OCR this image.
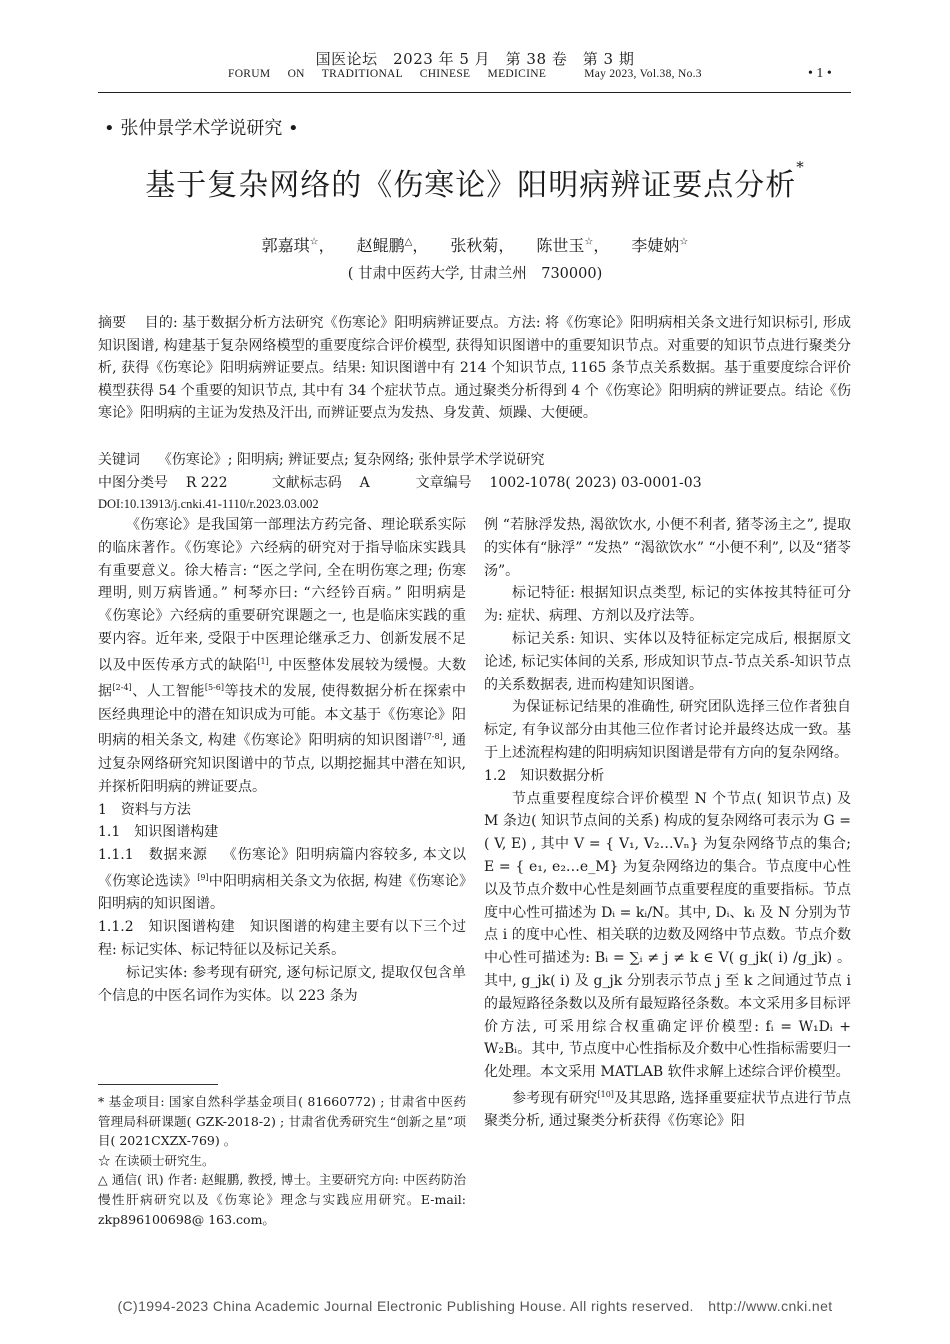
国医论坛　2023 年 5 月　第 38 卷　第 3 期
FORUM ON TRADITIONAL CHINESE MEDICINE	May 2023, Vol.38, No.3	• 1 •
• 张仲景学术学说研究 •
基于复杂网络的《伤寒论》阳明病辨证要点分析*
郭嘉琪☆， 赵鲲鹏△， 张秋菊， 陈世玉☆， 李婕妠☆
( 甘肃中医药大学, 甘肃兰州　730000)
摘要 目的: 基于数据分析方法研究《伤寒论》阳明病辨证要点。方法: 将《伤寒论》阳明病相关条文进行知识标引, 形成知识图谱, 构建基于复杂网络模型的重要度综合评价模型, 获得知识图谱中的重要知识节点。对重要的知识节点进行聚类分析, 获得《伤寒论》阳明病辨证要点。结果: 知识图谱中有 214 个知识节点, 1165 条节点关系数据。基于重要度综合评价模型获得 54 个重要的知识节点, 其中有 34 个症状节点。通过聚类分析得到 4 个《伤寒论》阳明病的辨证要点。结论《伤寒论》阳明病的主证为发热及汗出, 而辨证要点为发热、身发黄、烦躁、大便硬。
关键词 《伤寒论》; 阳明病; 辨证要点; 复杂网络; 张仲景学术学说研究
中图分类号 R 222	文献标志码 A	文章编号 1002-1078( 2023) 03-0001-03
DOI:10.13913/j.cnki.41-1110/r.2023.03.002

《伤寒论》是我国第一部理法方药完备、理论联系实际的临床著作。《伤寒论》六经病的研究对于指导临床实践具有重要意义。徐大椿言: “医之学问, 全在明伤寒之理; 伤寒理明, 则万病皆通。” 柯琴亦曰: “六经钤百病。” 阳明病是《伤寒论》六经病的重要研究课题之一, 也是临床实践的重要内容。近年来, 受限于中医理论继承乏力、创新发展不足以及中医传承方式的缺陷[1], 中医整体发展较为缓慢。大数据[2-4]、人工智能[5-6]等技术的发展, 使得数据分析在探索中医经典理论中的潜在知识成为可能。本文基于《伤寒论》阳明病的相关条文, 构建《伤寒论》阳明病的知识图谱[7-8], 通过复杂网络研究知识图谱中的节点, 以期挖掘其中潜在知识, 并探析阳明病的辨证要点。

1　资料与方法

1.1　知识图谱构建

1.1.1　数据来源 《伤寒论》阳明病篇内容较多, 本文以《伤寒论选读》[9]中阳明病相关条文为依据, 构建《伤寒论》阳明病的知识图谱。

1.1.2　知识图谱构建 知识图谱的构建主要有以下三个过程: 标记实体、标记特征以及标记关系。

标记实体: 参考现有研究, 逐句标记原文, 提取仅包含单个信息的中医名词作为实体。以 223 条为

* 基金项目: 国家自然科学基金项目( 81660772) ; 甘肃省中医药管理局科研课题( GZK-2018-2) ; 甘肃省优秀研究生“创新之星”项目( 2021CXZX-769) 。

☆ 在读硕士研究生。

△ 通信( 讯) 作者: 赵鲲鹏, 教授, 博士。主要研究方向: 中医药防治慢性肝病研究以及《伤寒论》理念与实践应用研究。E-mail: zkp896100698@ 163.com。

例 “若脉浮发热, 渴欲饮水, 小便不利者, 猪苓汤主之”, 提取的实体有“脉浮” “发热” “渴欲饮水” “小便不利”, 以及“猪苓汤”。

标记特征: 根据知识点类型, 标记的实体按其特征可分为: 症状、病理、方剂以及疗法等。

标记关系: 知识、实体以及特征标定完成后, 根据原文论述, 标记实体间的关系, 形成知识节点-节点关系-知识节点的关系数据表, 进而构建知识图谱。

为保证标记结果的准确性, 研究团队选择三位作者独自标定, 有争议部分由其他三位作者讨论并最终达成一致。基于上述流程构建的阳明病知识图谱是带有方向的复杂网络。

1.2　知识数据分析

节点重要程度综合评价模型 N 个节点( 知识节点) 及 M 条边( 知识节点间的关系) 构成的复杂网络可表示为 G = ( V, E) , 其中 V = { V₁, V₂…Vₙ} 为复杂网络节点的集合; E = { e₁, e₂…e_M} 为复杂网络边的集合。节点度中心性以及节点介数中心性是刻画节点重要程度的重要指标。节点度中心性可描述为 Dᵢ = kᵢ/N。其中, Dᵢ、kᵢ 及 N 分别为节点 i 的度中心性、相关联的边数及网络中节点数。节点介数中心性可描述为: Bᵢ = ∑ᵢ ≠ j ≠ k ∈ V( g_jk( i) /g_jk) 。其中, g_jk( i) 及 g_jk 分别表示节点 j 至 k 之间通过节点 i 的最短路径条数以及所有最短路径条数。本文采用多目标评价方法, 可采用综合权重确定评价模型: fᵢ = W₁Dᵢ + W₂Bᵢ。其中, 节点度中心性指标及介数中心性指标需要归一化处理。本文采用 MATLAB 软件求解上述综合评价模型。

参考现有研究[10]及其思路, 选择重要症状节点进行节点聚类分析, 通过聚类分析获得《伤寒论》阳

(C)1994-2023 China Academic Journal Electronic Publishing House. All rights reserved.　http://www.cnki.net
